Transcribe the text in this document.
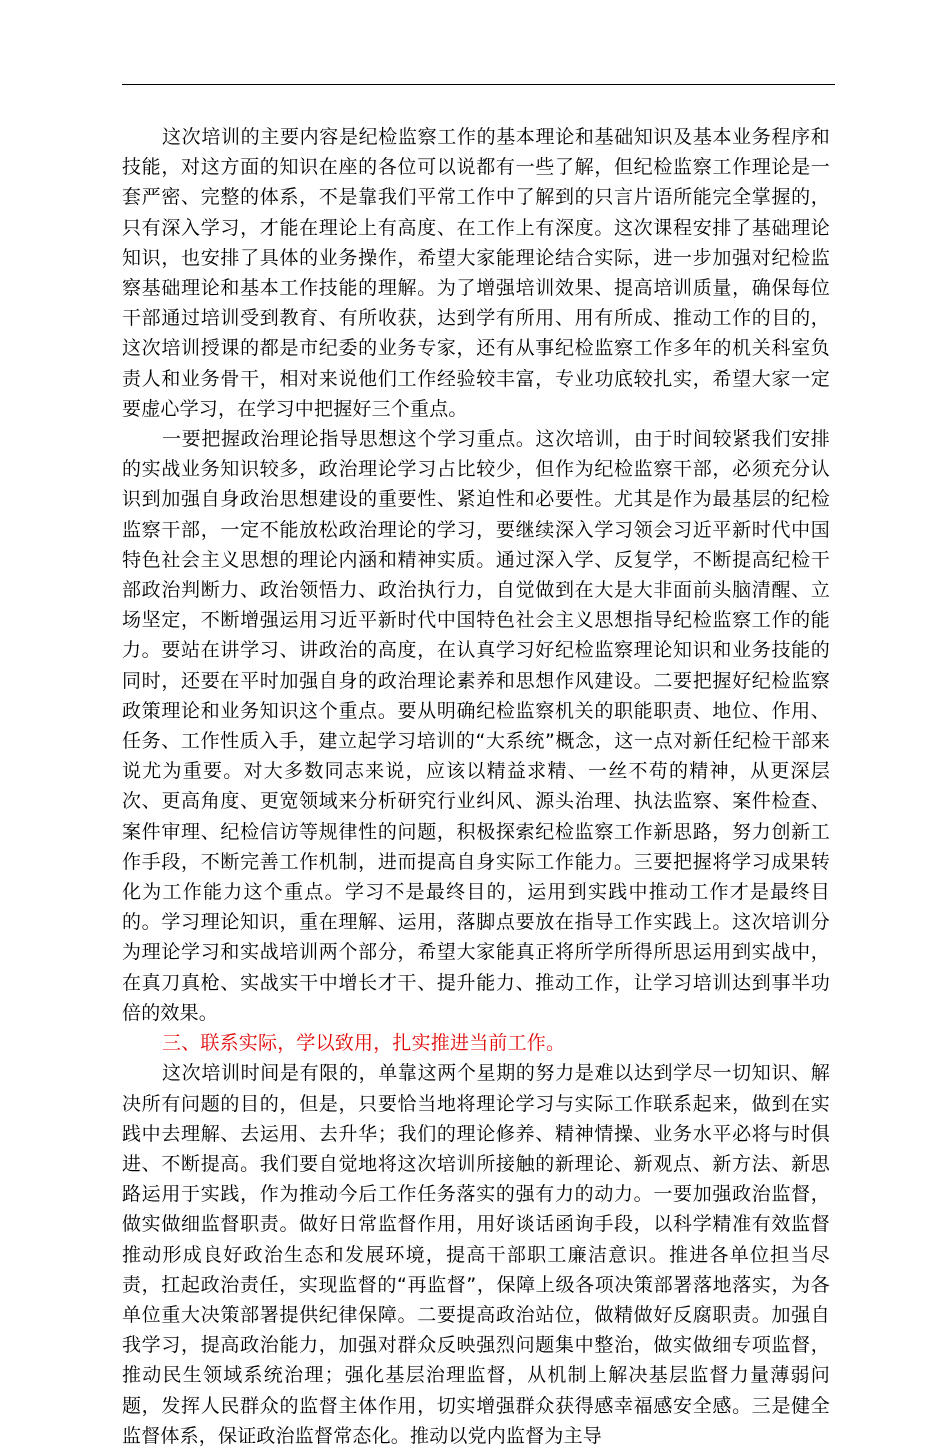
这次培训的主要内容是纪检监察工作的基本理论和基础知识及基本业务程序和技能，对这方面的知识在座的各位可以说都有一些了解，但纪检监察工作理论是一套严密、完整的体系，不是靠我们平常工作中了解到的只言片语所能完全掌握的，只有深入学习，才能在理论上有高度、在工作上有深度。这次课程安排了基础理论知识，也安排了具体的业务操作，希望大家能理论结合实际，进一步加强对纪检监察基础理论和基本工作技能的理解。为了增强培训效果、提高培训质量，确保每位干部通过培训受到教育、有所收获，达到学有所用、用有所成、推动工作的目的，这次培训授课的都是市纪委的业务专家，还有从事纪检监察工作多年的机关科室负责人和业务骨干，相对来说他们工作经验较丰富，专业功底较扎实，希望大家一定要虚心学习，在学习中把握好三个重点。

一要把握政治理论指导思想这个学习重点。这次培训，由于时间较紧我们安排的实战业务知识较多，政治理论学习占比较少，但作为纪检监察干部，必须充分认识到加强自身政治思想建设的重要性、紧迫性和必要性。尤其是作为最基层的纪检监察干部，一定不能放松政治理论的学习，要继续深入学习领会习近平新时代中国特色社会主义思想的理论内涵和精神实质。通过深入学、反复学，不断提高纪检干部政治判断力、政治领悟力、政治执行力，自觉做到在大是大非面前头脑清醒、立场坚定，不断增强运用习近平新时代中国特色社会主义思想指导纪检监察工作的能力。要站在讲学习、讲政治的高度，在认真学习好纪检监察理论知识和业务技能的同时，还要在平时加强自身的政治理论素养和思想作风建设。二要把握好纪检监察政策理论和业务知识这个重点。要从明确纪检监察机关的职能职责、地位、作用、任务、工作性质入手，建立起学习培训的“大系统”概念，这一点对新任纪检干部来说尤为重要。对大多数同志来说，应该以精益求精、一丝不苟的精神，从更深层次、更高角度、更宽领域来分析研究行业纠风、源头治理、执法监察、案件检查、案件审理、纪检信访等规律性的问题，积极探索纪检监察工作新思路，努力创新工作手段，不断完善工作机制，进而提高自身实际工作能力。三要把握将学习成果转化为工作能力这个重点。学习不是最终目的，运用到实践中推动工作才是最终目的。学习理论知识，重在理解、运用，落脚点要放在指导工作实践上。这次培训分为理论学习和实战培训两个部分，希望大家能真正将所学所得所思运用到实战中，在真刀真枪、实战实干中增长才干、提升能力、推动工作，让学习培训达到事半功倍的效果。

三、联系实际，学以致用，扎实推进当前工作。

这次培训时间是有限的，单靠这两个星期的努力是难以达到学尽一切知识、解决所有问题的目的，但是，只要恰当地将理论学习与实际工作联系起来，做到在实践中去理解、去运用、去升华；我们的理论修养、精神情操、业务水平必将与时俱进、不断提高。我们要自觉地将这次培训所接触的新理论、新观点、新方法、新思路运用于实践，作为推动今后工作任务落实的强有力的动力。一要加强政治监督，做实做细监督职责。做好日常监督作用，用好谈话函询手段，以科学精准有效监督推动形成良好政治生态和发展环境，提高干部职工廉洁意识。推进各单位担当尽责，扛起政治责任，实现监督的“再监督”，保障上级各项决策部署落地落实，为各单位重大决策部署提供纪律保障。二要提高政治站位，做精做好反腐职责。加强自我学习，提高政治能力，加强对群众反映强烈问题集中整治，做实做细专项监督，推动民生领域系统治理；强化基层治理监督，从机制上解决基层监督力量薄弱问题，发挥人民群众的监督主体作用，切实增强群众获得感幸福感安全感。三是健全监督体系，保证政治监督常态化。推动以党内监督为主导
